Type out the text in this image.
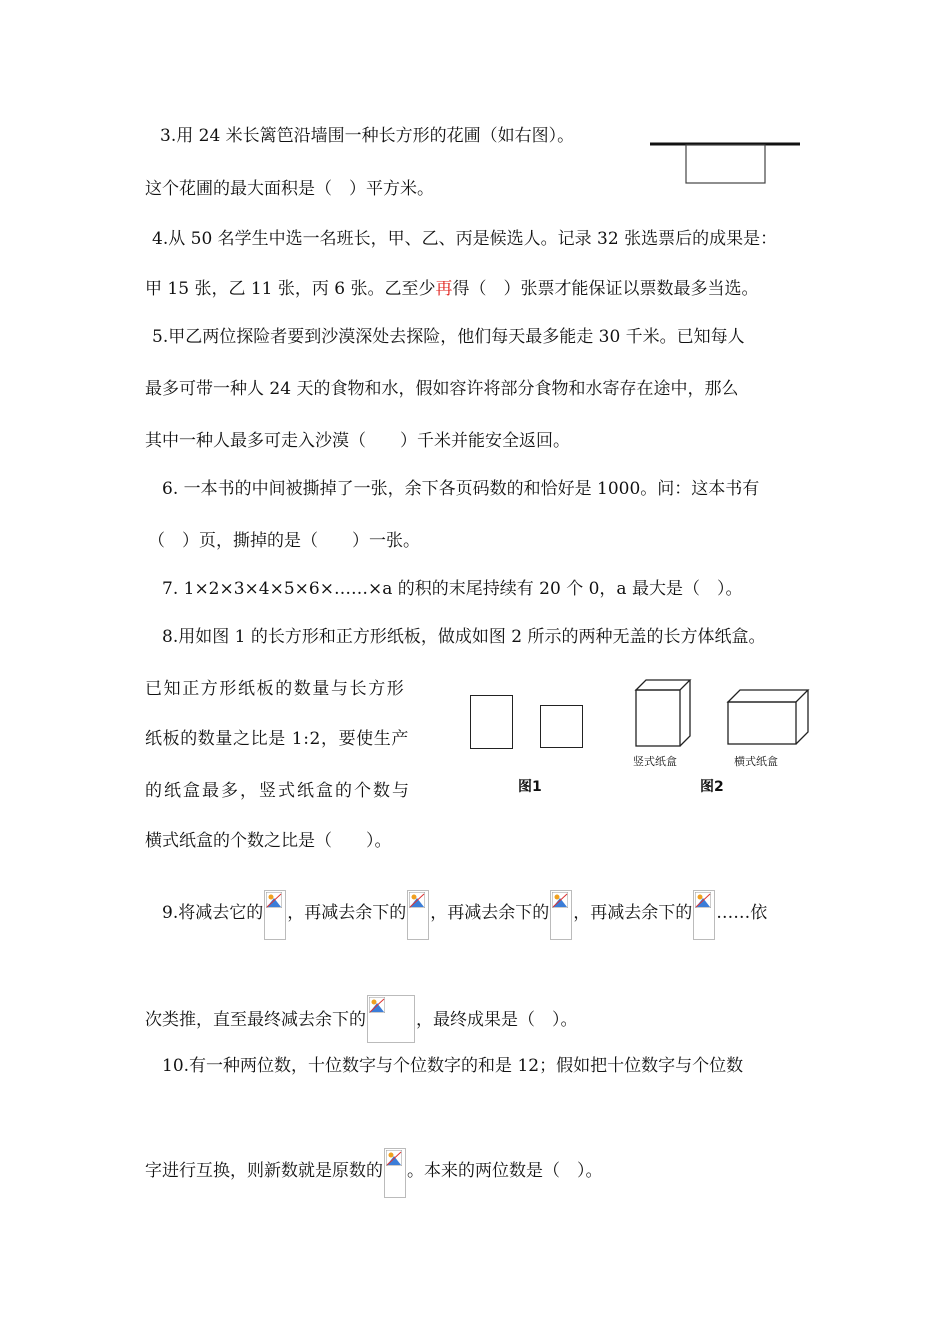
3.用 24 米长篱笆沿墙围一种长方形的花圃（如右图）。
这个花圃的最大面积是（　）平方米。
4.从 50 名学生中选一名班长，甲、乙、丙是候选人。记录 32 张选票后的成果是：
甲 15 张，乙 11 张，丙 6 张。乙至少再得（　）张票才能保证以票数最多当选。
5.甲乙两位探险者要到沙漠深处去探险，他们每天最多能走 30 千米。已知每人
最多可带一种人 24 天的食物和水，假如容许将部分食物和水寄存在途中，那么
其中一种人最多可走入沙漠（　　）千米并能安全返回。
6. 一本书的中间被撕掉了一张，余下各页码数的和恰好是 1000。问：这本书有
（　）页，撕掉的是（　　）一张。
7. 1×2×3×4×5×6×……×a 的积的末尾持续有 20 个 0，a 最大是（　）。
8.用如图 1 的长方形和正方形纸板，做成如图 2 所示的两种无盖的长方体纸盒。
已知正方形纸板的数量与长方形
纸板的数量之比是 1:2，要使生产
的纸盒最多，竖式纸盒的个数与
横式纸盒的个数之比是（　　）。
图1
竖式纸盒	横式纸盒
图2
9.将减去它的 ，再减去余下的 ，再减去余下的 ，再减去余下的 ……依
次类推，直至最终减去余下的	，最终成果是（　）。
10.有一种两位数，十位数字与个位数字的和是 12；假如把十位数字与个位数
字进行互换，则新数就是原数的 。本来的两位数是（　）。
